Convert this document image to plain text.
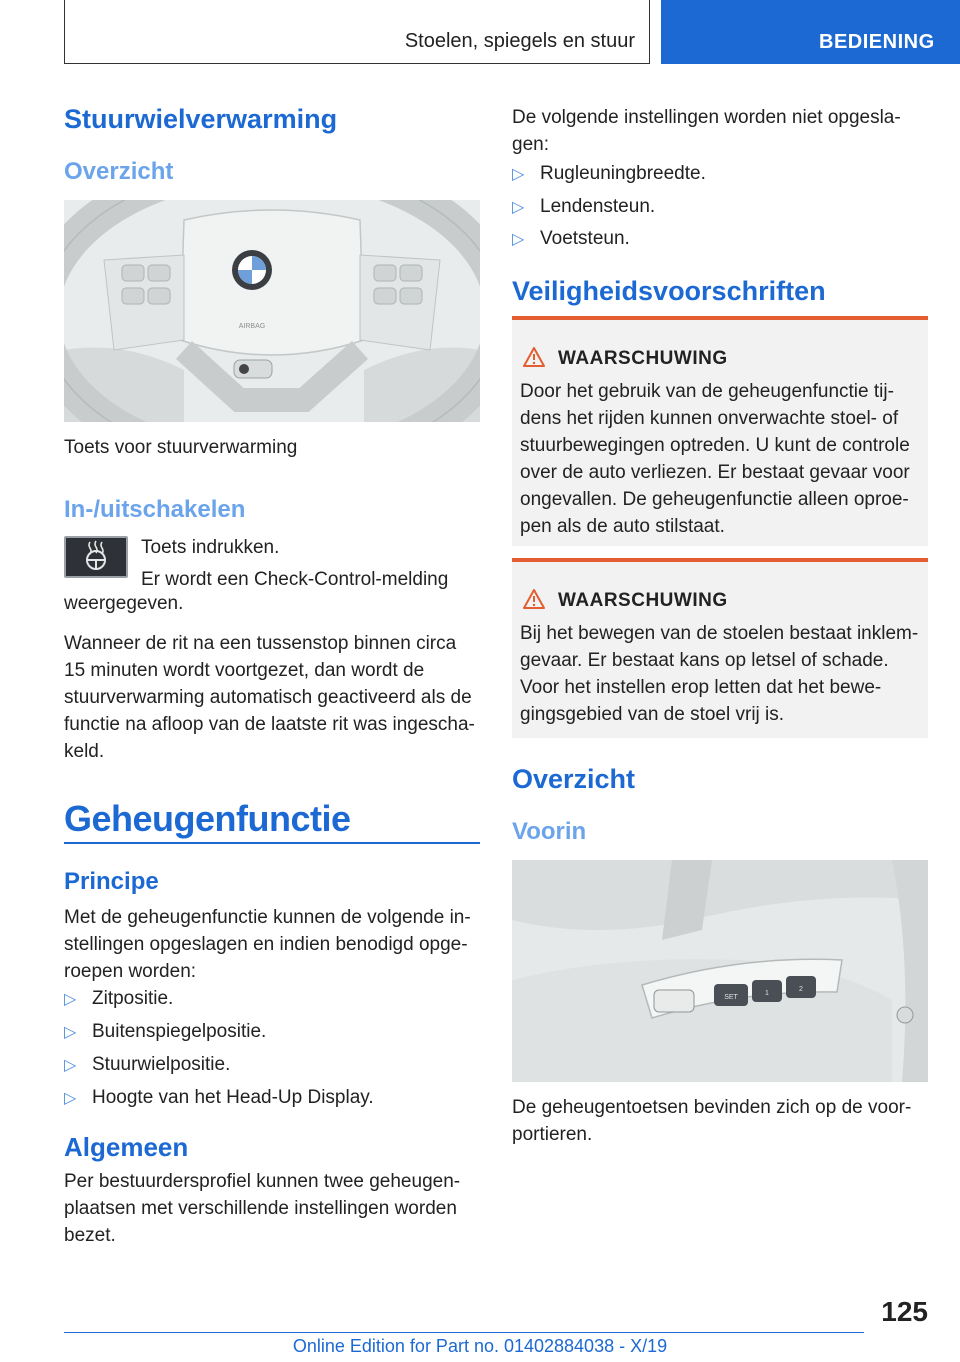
Stoelen, spiegels en stuur	BEDIENING
Stuurwielverwarming
Overzicht
AIRBAG
Toets voor stuurverwarming
In-/uitschakelen
Toets indrukken.
Er wordt een Check-Control-melding
weergegeven.
Wanneer de rit na een tussenstop binnen circa
15 minuten wordt voortgezet, dan wordt de
stuurverwarming automatisch geactiveerd als de
functie na afloop van de laatste rit was ingescha-
keld.
Geheugenfunctie
Principe
Met de geheugenfunctie kunnen de volgende in-
stellingen opgeslagen en indien benodigd opge-
roepen worden:
▷ Zitpositie.
▷ Buitenspiegelpositie.
▷ Stuurwielpositie.
▷ Hoogte van het Head-Up Display.
Algemeen
Per bestuurdersprofiel kunnen twee geheugen-
plaatsen met verschillende instellingen worden
bezet.
De volgende instellingen worden niet opgesla-
gen:
▷ Rugleuningbreedte.
▷ Lendensteun.
▷ Voetsteun.
Veiligheidsvoorschriften
WAARSCHUWING
Door het gebruik van de geheugenfunctie tij-
dens het rijden kunnen onverwachte stoel- of
stuurbewegingen optreden. U kunt de controle
over de auto verliezen. Er bestaat gevaar voor
ongevallen. De geheugenfunctie alleen oproe-
pen als de auto stilstaat.
WAARSCHUWING
Bij het bewegen van de stoelen bestaat inklem-
gevaar. Er bestaat kans op letsel of schade.
Voor het instellen erop letten dat het bewe-
gingsgebied van de stoel vrij is.
Overzicht
Voorin
SET
1
2
De geheugentoetsen bevinden zich op de voor-
portieren.
125
Online Edition for Part no. 01402884038 - X/19
